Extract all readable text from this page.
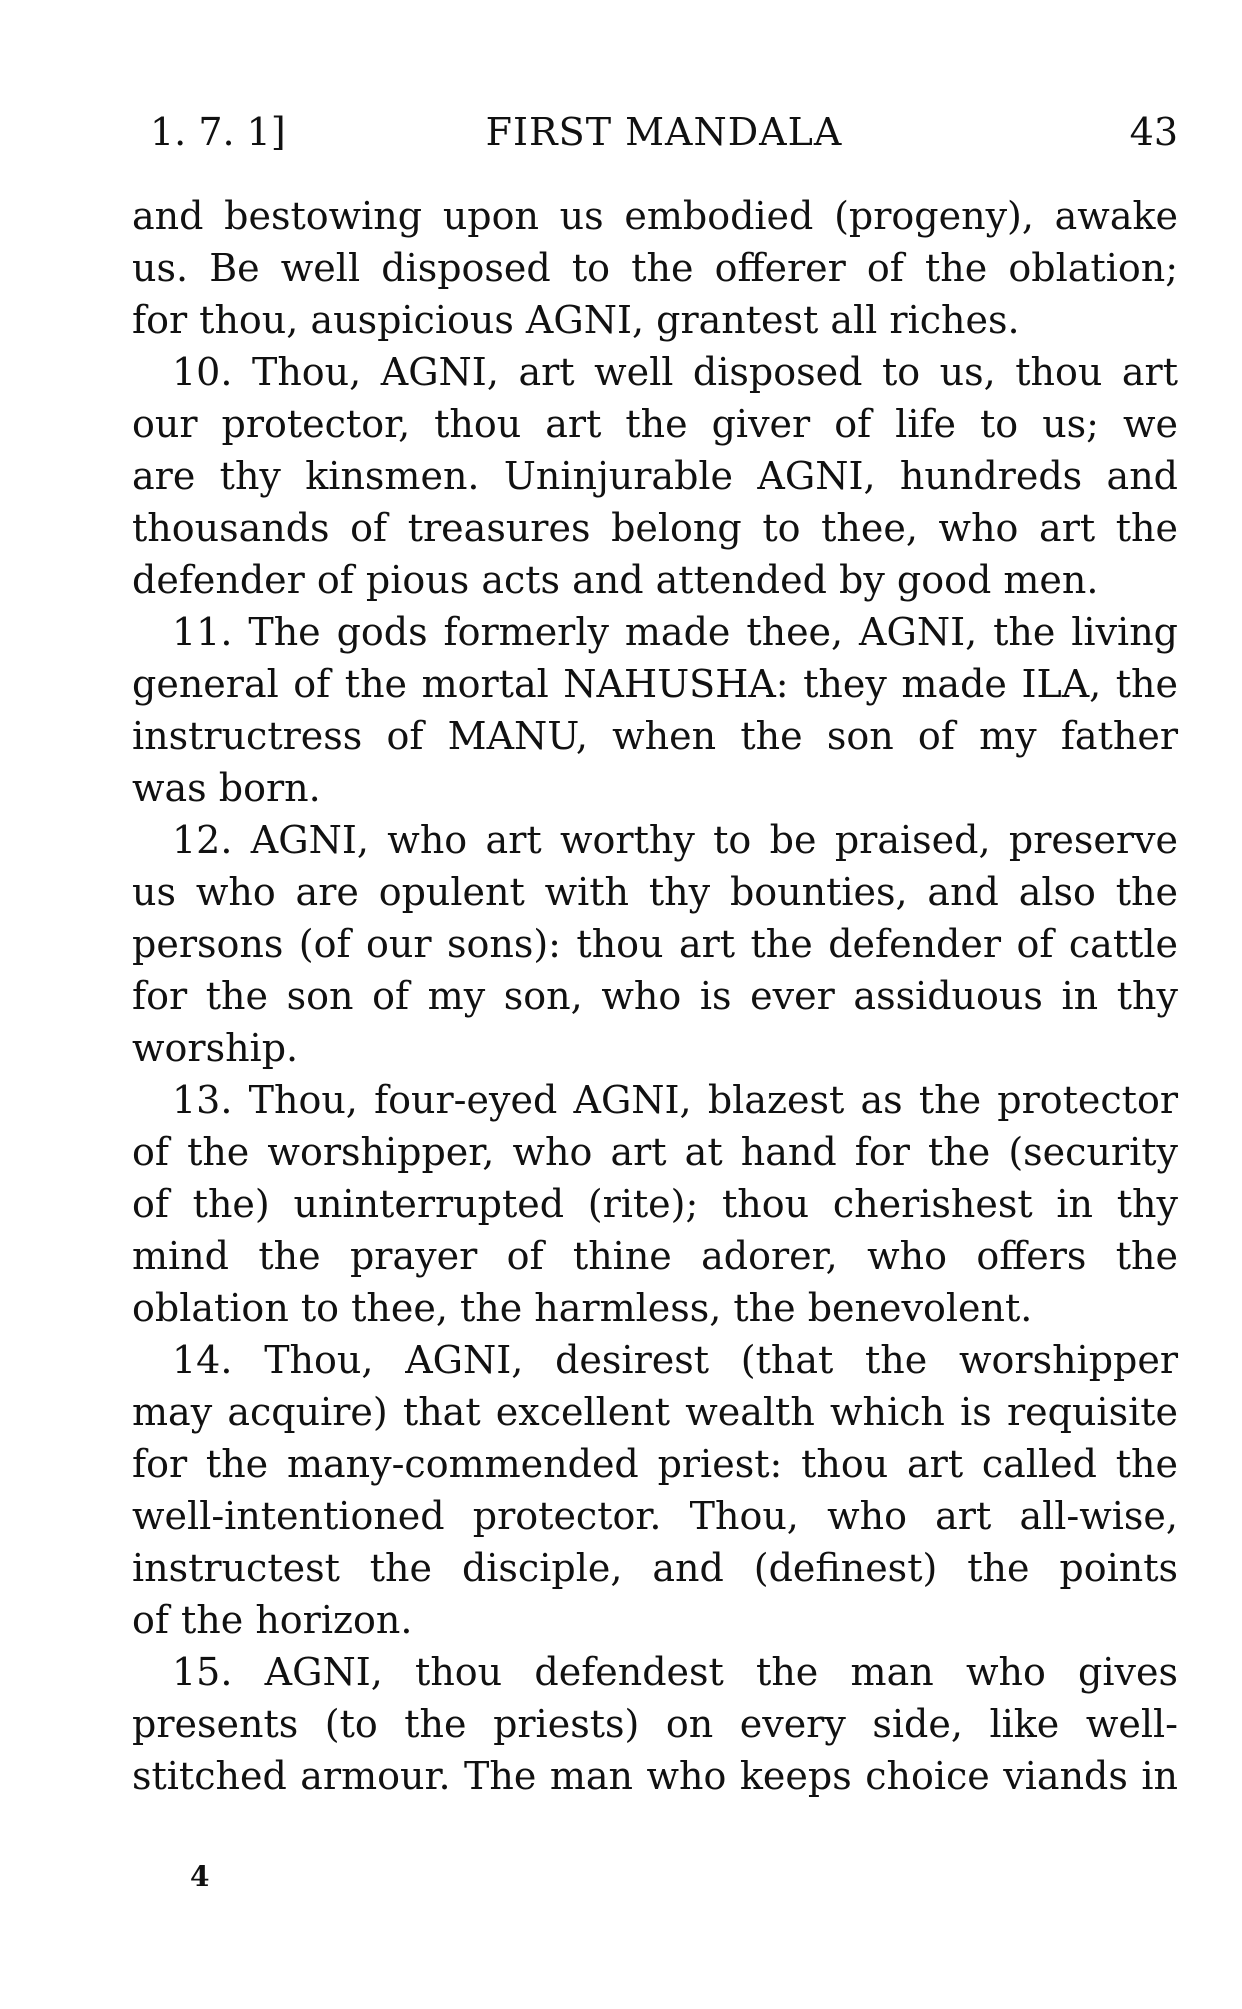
1. 7. 1]	FIRST MANDALA	43
and bestowing upon us embodied (progeny), awake
us. Be well disposed to the offerer of the oblation;
for thou, auspicious AGNI, grantest all riches.
10. Thou, AGNI, art well disposed to us, thou art
our protector, thou art the giver of life to us; we
are thy kinsmen. Uninjurable AGNI, hundreds and
thousands of treasures belong to thee, who art the
defender of pious acts and attended by good men.
11. The gods formerly made thee, AGNI, the living
general of the mortal NAHUSHA: they made ILA, the
instructress of MANU, when the son of my father
was born.
12. AGNI, who art worthy to be praised, preserve
us who are opulent with thy bounties, and also the
persons (of our sons): thou art the defender of cattle
for the son of my son, who is ever assiduous in thy
worship.
13. Thou, four-eyed AGNI, blazest as the protector
of the worshipper, who art at hand for the (security
of the) uninterrupted (rite); thou cherishest in thy
mind the prayer of thine adorer, who offers the
oblation to thee, the harmless, the benevolent.
14. Thou, AGNI, desirest (that the worshipper
may acquire) that excellent wealth which is requisite
for the many-commended priest: thou art called the
well-intentioned protector. Thou, who art all-wise,
instructest the disciple, and (definest) the points
of the horizon.
15. AGNI, thou defendest the man who gives
presents (to the priests) on every side, like well-
stitched armour. The man who keeps choice viands in
4
